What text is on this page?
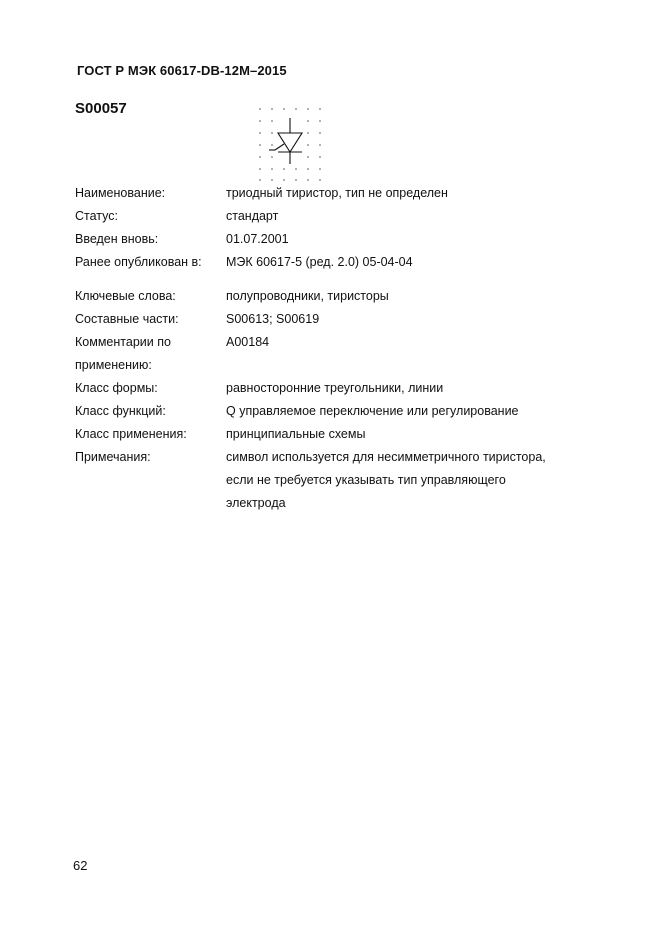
ГОСТ Р МЭК 60617-DB-12M–2015
S00057
Наименование:	триодный тиристор, тип не определен
Статус:	стандарт
Введен вновь:	01.07.2001
Ранее опубликован в:	МЭК 60617-5 (ред. 2.0) 05-04-04
Ключевые слова:	полупроводники, тиристоры
Составные части:	S00613; S00619
Комментарии по	A00184
применению:
Класс формы:	равносторонние треугольники, линии
Класс функций:	Q управляемое переключение или регулирование
Класс применения:	принципиальные схемы
Примечания:	символ используется для несимметричного тиристора,
если не требуется указывать тип управляющего
электрода
62
